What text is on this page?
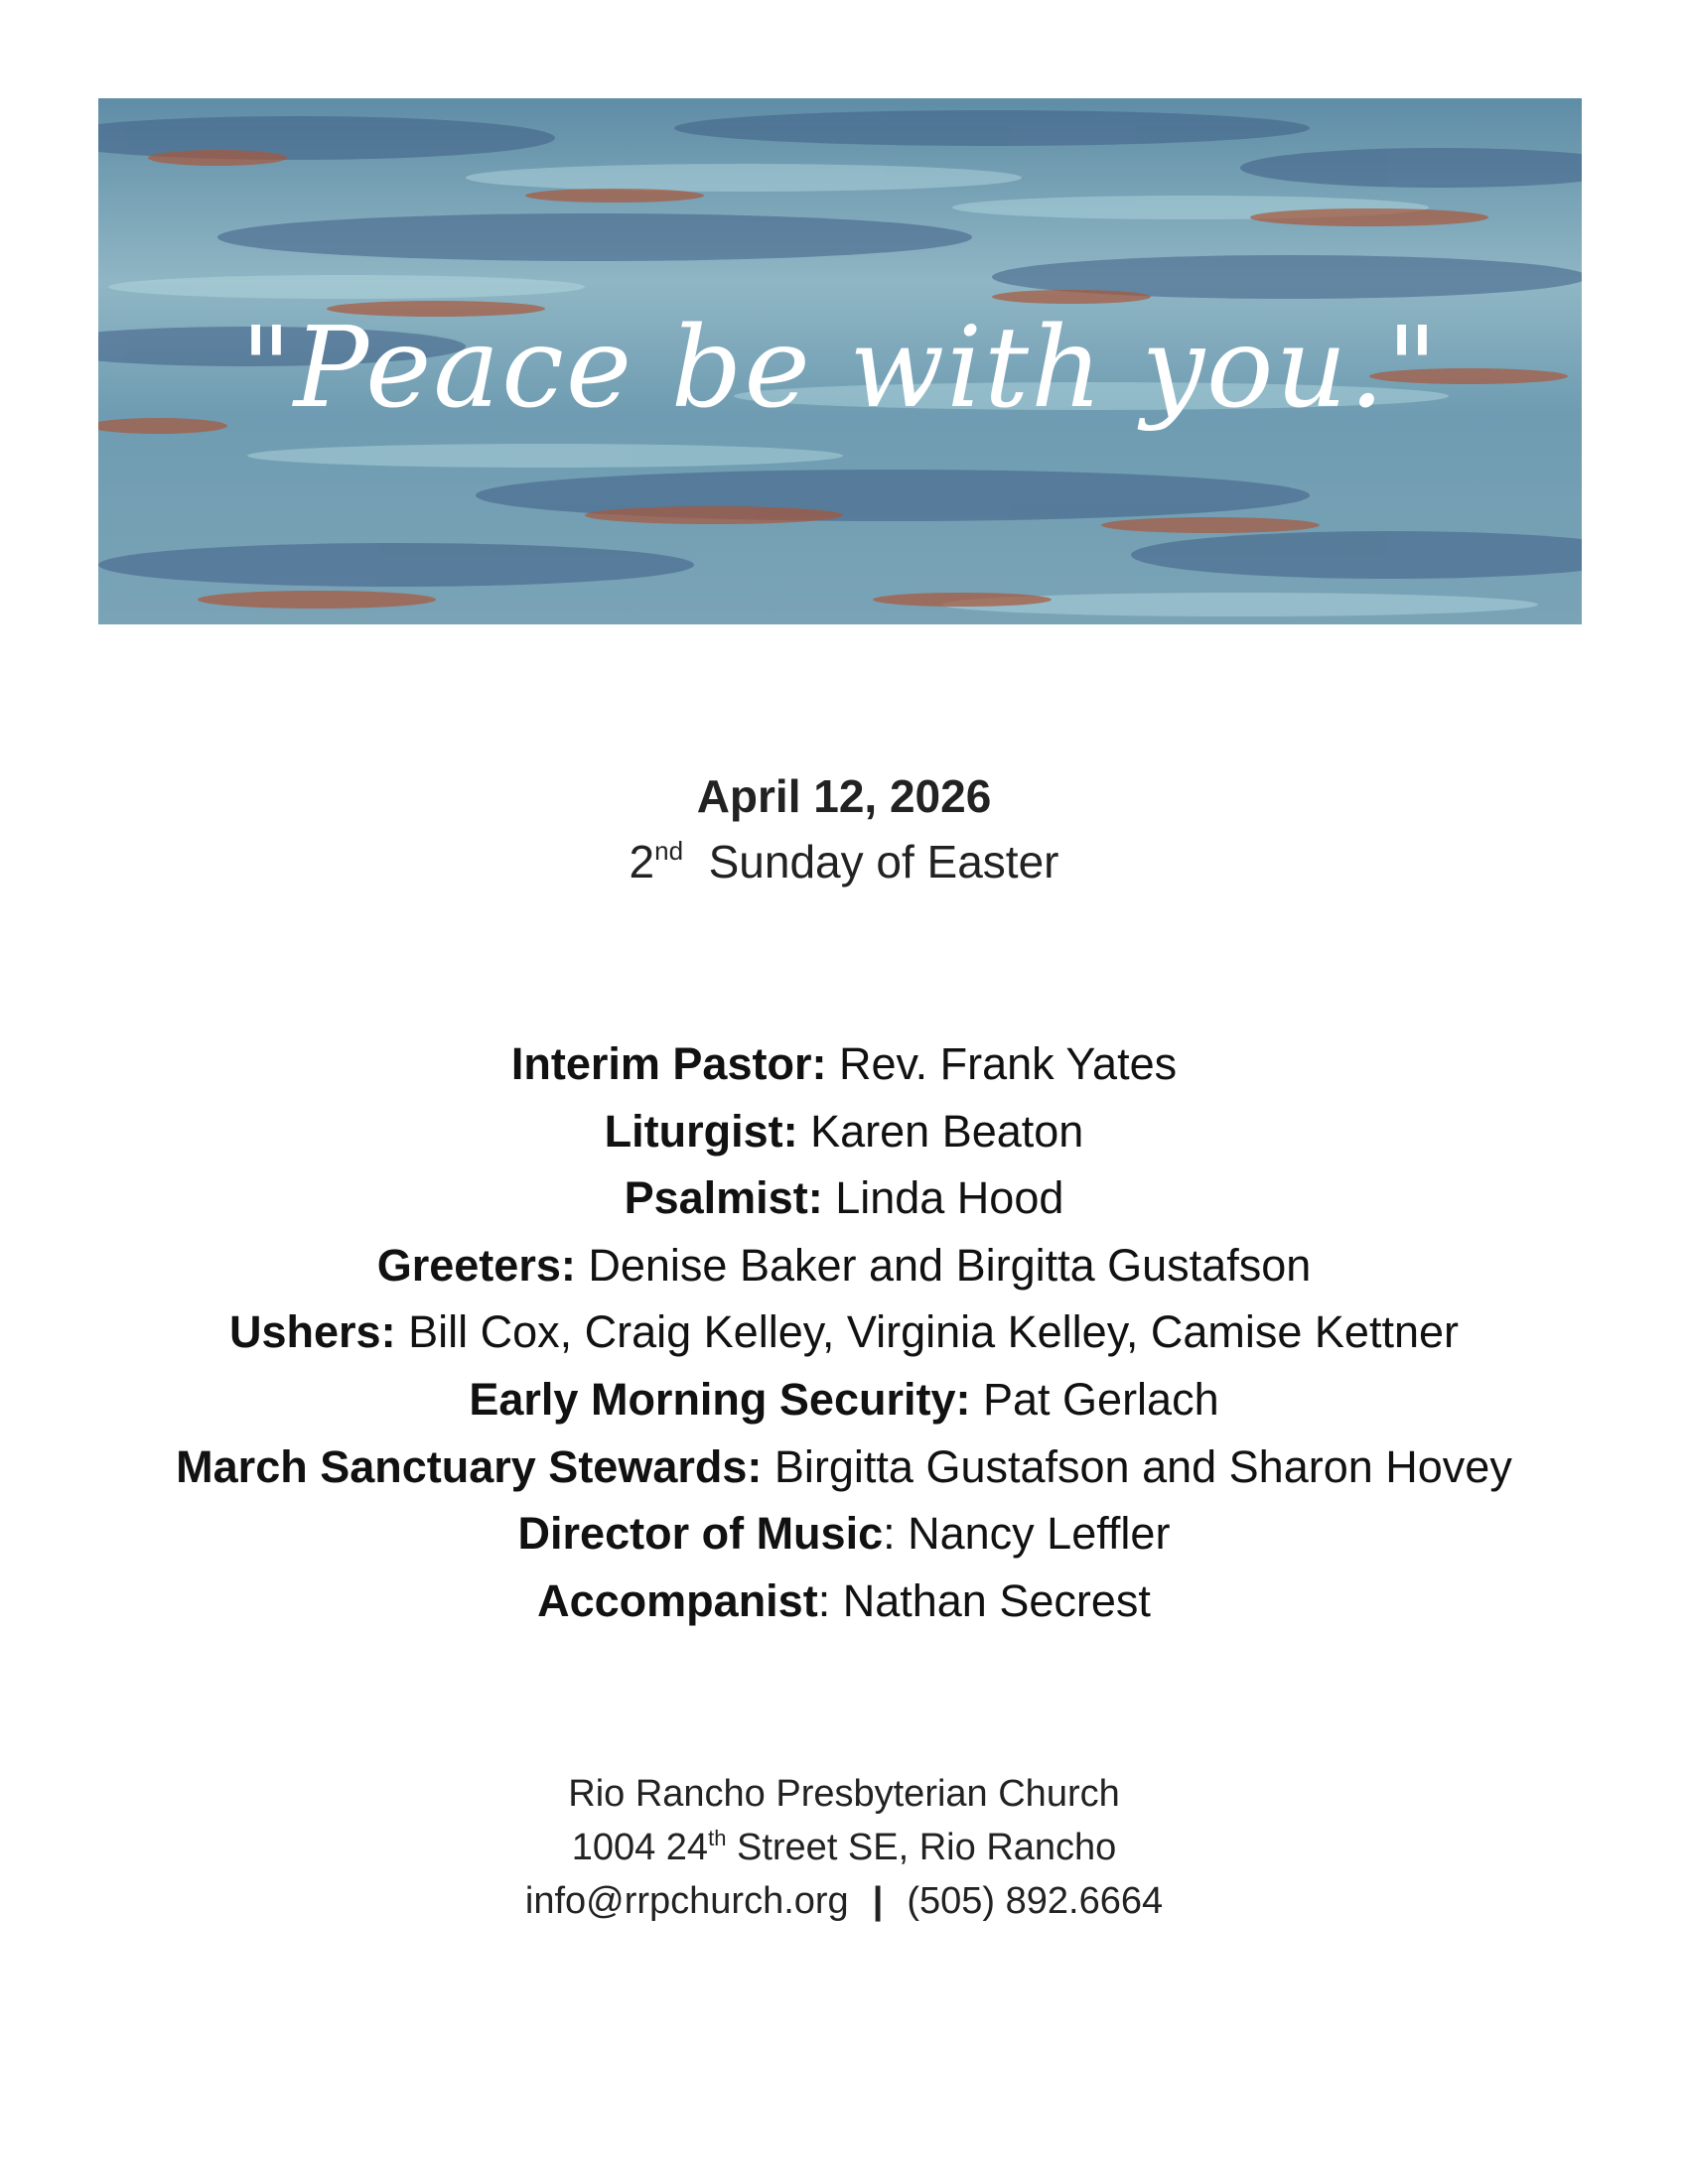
"Peace be with you."
April 12, 2026
2nd Sunday of Easter
Interim Pastor: Rev. Frank Yates
Liturgist: Karen Beaton
Psalmist: Linda Hood
Greeters: Denise Baker and Birgitta Gustafson
Ushers: Bill Cox, Craig Kelley, Virginia Kelley, Camise Kettner
Early Morning Security: Pat Gerlach
March Sanctuary Stewards: Birgitta Gustafson and Sharon Hovey
Director of Music: Nancy Leffler
Accompanist: Nathan Secrest
Rio Rancho Presbyterian Church
1004 24th Street SE, Rio Rancho
info@rrpchurch.org | (505) 892.6664
